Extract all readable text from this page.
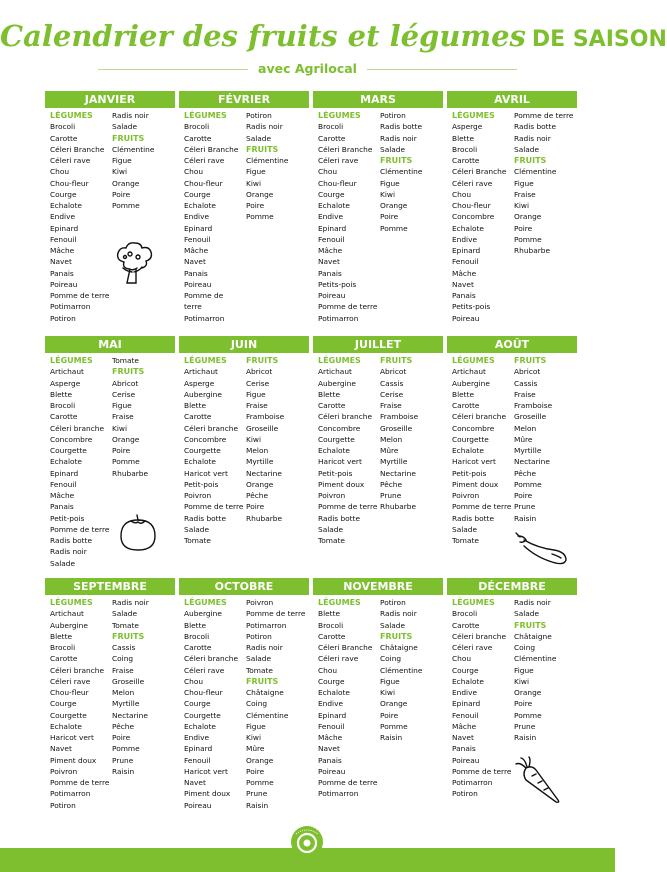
Calendrier des fruits et légumes DE SAISON
avec Agrilocal
JANVIER
LÉGUMES
Brocoli
Carotte
Céleri Branche
Céleri rave
Chou
Chou-fleur
Courge
Echalote
Endive
Epinard
Fenouil
Mâche
Navet
Panais
Poireau
Pomme de terre
Potimarron
Potiron
Radis noir
Salade
FRUITS
Clémentine
Figue
Kiwi
Orange
Poire
Pomme
FÉVRIER
LÉGUMES
Brocoli
Carotte
Céleri Branche
Céleri rave
Chou
Chou-fleur
Courge
Echalote
Endive
Epinard
Fenouil
Mâche
Navet
Panais
Poireau
Pomme de
terre
Potimarron
Potiron
Radis noir
Salade
FRUITS
Clémentine
Figue
Kiwi
Orange
Poire
Pomme
MARS
LÉGUMES
Brocoli
Carotte
Céleri Branche
Céleri rave
Chou
Chou-fleur
Courge
Echalote
Endive
Epinard
Fenouil
Mâche
Navet
Panais
Petits-pois
Poireau
Pomme de terre
Potimarron
Potiron
Radis botte
Radis noir
Salade
FRUITS
Clémentine
Figue
Kiwi
Orange
Poire
Pomme
AVRIL
LÉGUMES
Asperge
Blette
Brocoli
Carotte
Céleri Branche
Céleri rave
Chou
Chou-fleur
Concombre
Echalote
Endive
Epinard
Fenouil
Mâche
Navet
Panais
Petits-pois
Poireau
Pomme de terre
Radis botte
Radis noir
Salade
FRUITS
Clémentine
Figue
Fraise
Kiwi
Orange
Poire
Pomme
Rhubarbe
MAI
LÉGUMES
Artichaut
Asperge
Blette
Brocoli
Carotte
Céleri branche
Concombre
Courgette
Echalote
Epinard
Fenouil
Mâche
Panais
Petit-pois
Pomme de terre
Radis botte
Radis noir
Salade
Tomate
FRUITS
Abricot
Cerise
Figue
Fraise
Kiwi
Orange
Poire
Pomme
Rhubarbe
JUIN
LÉGUMES
Artichaut
Asperge
Aubergine
Blette
Carotte
Céleri branche
Concombre
Courgette
Echalote
Haricot vert
Petit-pois
Poivron
Pomme de terre
Radis botte
Salade
Tomate
FRUITS
Abricot
Cerise
Figue
Fraise
Framboise
Groseille
Kiwi
Melon
Myrtille
Nectarine
Orange
Pêche
Poire
Rhubarbe
JUILLET
LÉGUMES
Artichaut
Aubergine
Blette
Carotte
Céleri branche
Concombre
Courgette
Echalote
Haricot vert
Petit-pois
Piment doux
Poivron
Pomme de terre
Radis botte
Salade
Tomate
FRUITS
Abricot
Cassis
Cerise
Fraise
Framboise
Groseille
Melon
Mûre
Myrtille
Nectarine
Pêche
Prune
Rhubarbe
AOÛT
LÉGUMES
Artichaut
Aubergine
Blette
Carotte
Céleri branche
Concombre
Courgette
Echalote
Haricot vert
Petit-pois
Piment doux
Poivron
Pomme de terre
Radis botte
Salade
Tomate
FRUITS
Abricot
Cassis
Fraise
Framboise
Groseille
Melon
Mûre
Myrtille
Nectarine
Pêche
Pomme
Poire
Prune
Raisin
SEPTEMBRE
LÉGUMES
Artichaut
Aubergine
Blette
Brocoli
Carotte
Céleri branche
Céleri rave
Chou-fleur
Courge
Courgette
Echalote
Haricot vert
Navet
Piment doux
Poivron
Pomme de terre
Potimarron
Potiron
Radis noir
Salade
Tomate
FRUITS
Cassis
Coing
Fraise
Groseille
Melon
Myrtille
Nectarine
Pêche
Poire
Pomme
Prune
Raisin
OCTOBRE
LÉGUMES
Aubergine
Blette
Brocoli
Carotte
Céleri branche
Céleri rave
Chou
Chou-fleur
Courge
Courgette
Echalote
Endive
Epinard
Fenouil
Haricot vert
Navet
Piment doux
Poireau
Poivron
Pomme de terre
Potimarron
Potiron
Radis noir
Salade
Tomate
FRUITS
Châtaigne
Coing
Clémentine
Figue
Kiwi
Mûre
Orange
Poire
Pomme
Prune
Raisin
NOVEMBRE
LÉGUMES
Blette
Brocoli
Carotte
Céleri Branche
Céleri rave
Chou
Courge
Echalote
Endive
Epinard
Fenouil
Mâche
Navet
Panais
Poireau
Pomme de terre
Potimarron
Potiron
Radis noir
Salade
FRUITS
Châtaigne
Coing
Clémentine
Figue
Kiwi
Orange
Poire
Pomme
Raisin
DÉCEMBRE
LÉGUMES
Brocoli
Carotte
Céleri branche
Céleri rave
Chou
Courge
Echalote
Endive
Epinard
Fenouil
Mâche
Navet
Panais
Poireau
Pomme de terre
Potimarron
Potiron
Radis noir
Salade
FRUITS
Châtaigne
Coing
Clémentine
Figue
Kiwi
Orange
Poire
Pomme
Prune
Raisin
